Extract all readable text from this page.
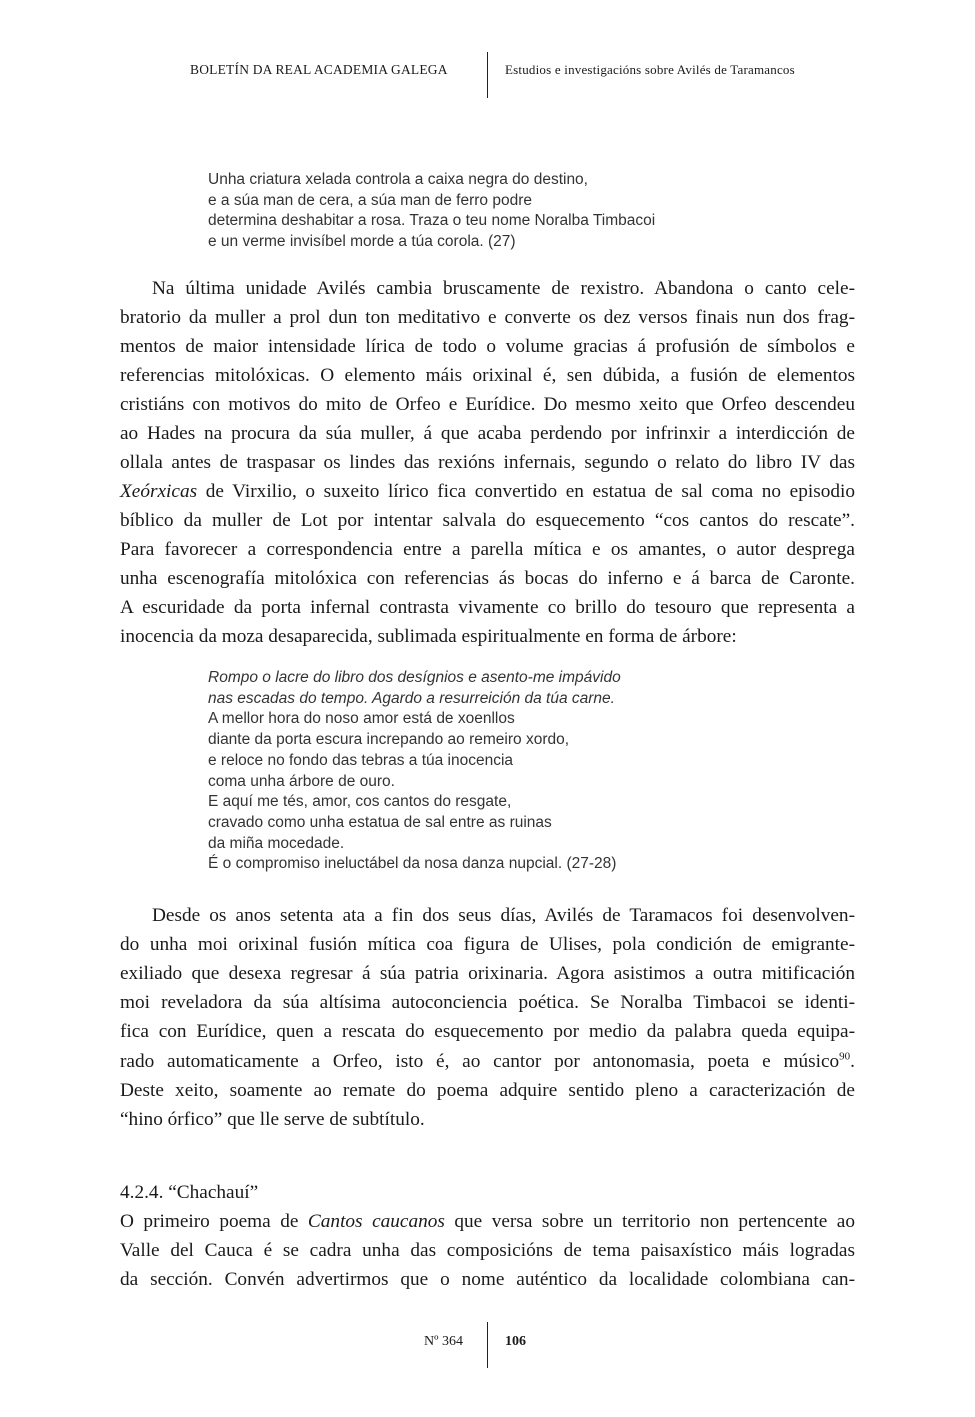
BOLETÍN DA REAL ACADEMIA GALEGA	Estudios e investigacións sobre Avilés de Taramancos
Unha criatura xelada controla a caixa negra do destino,
e a súa man de cera, a súa man de ferro podre
determina deshabitar a rosa. Traza o teu nome Noralba Timbacoi
e un verme invisíbel morde a túa corola. (27)
Na última unidade Avilés cambia bruscamente de rexistro. Abandona o canto cele-
bratorio da muller a prol dun ton meditativo e converte os dez versos finais nun dos frag-
mentos de maior intensidade lírica de todo o volume gracias á profusión de símbolos e
referencias mitolóxicas. O elemento máis orixinal é, sen dúbida, a fusión de elementos
cristiáns con motivos do mito de Orfeo e Eurídice. Do mesmo xeito que Orfeo descendeu
ao Hades na procura da súa muller, á que acaba perdendo por infrinxir a interdicción de
ollala antes de traspasar os lindes das rexións infernais, segundo o relato do libro IV das
Xeórxicas de Virxilio, o suxeito lírico fica convertido en estatua de sal coma no episodio
bíblico da muller de Lot por intentar salvala do esquecemento “cos cantos do rescate”.
Para favorecer a correspondencia entre a parella mítica e os amantes, o autor desprega
unha escenografía mitolóxica con referencias ás bocas do inferno e á barca de Caronte.
A escuridade da porta infernal contrasta vivamente co brillo do tesouro que representa a
inocencia da moza desaparecida, sublimada espiritualmente en forma de árbore:
Rompo o lacre do libro dos desígnios e asento-me impávido
nas escadas do tempo. Agardo a resurreición da túa carne.
A mellor hora do noso amor está de xoenllos
diante da porta escura increpando ao remeiro xordo,
e reloce no fondo das tebras a túa inocencia
coma unha árbore de ouro.
E aquí me tés, amor, cos cantos do resgate,
cravado como unha estatua de sal entre as ruinas
da miña mocedade.
É o compromiso ineluctábel da nosa danza nupcial. (27-28)
Desde os anos setenta ata a fin dos seus días, Avilés de Taramacos foi desenvolven-
do unha moi orixinal fusión mítica coa figura de Ulises, pola condición de emigrante-
exiliado que desexa regresar á súa patria orixinaria. Agora asistimos a outra mitificación
moi reveladora da súa altísima autoconciencia poética. Se Noralba Timbacoi se identi-
fica con Eurídice, quen a rescata do esquecemento por medio da palabra queda equipa-
rado automaticamente a Orfeo, isto é, ao cantor por antonomasia, poeta e músico$^{90}$.
Deste xeito, soamente ao remate do poema adquire sentido pleno a caracterización de
“hino órfico” que lle serve de subtítulo.
O primeiro poema de Cantos caucanos que versa sobre un territorio non pertencente ao
Valle del Cauca é se cadra unha das composicións de tema paisaxístico máis logradas
da sección. Convén advertirmos que o nome auténtico da localidade colombiana can-
4.2.4. “Chachauí”
Nº 364	106
